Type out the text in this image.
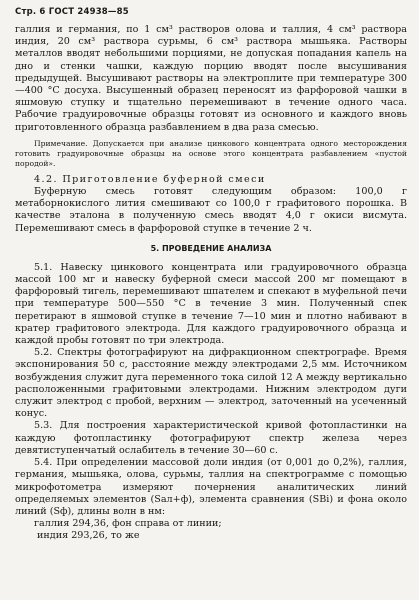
Стр. 6 ГОСТ 24938—85

галлия и германия, по 1 см³ растворов олова и таллия, 4 см³ раствора индия, 20 см³ раствора сурьмы, 6 см³ раствора мышьяка. Растворы металлов вводят небольшими порциями, не допуская попадания капель на дно и стенки чашки, каждую порцию вводят после высушивания предыдущей. Высушивают растворы на электроплите при температуре 300—400 °С досуха. Высушенный образец переносят из фарфоровой чашки в яшмовую ступку и тщательно перемешивают в течение одного часа. Рабочие градуировочные образцы готовят из основного и каждого вновь приготовленного образца разбавлением в два раза смесью.

Примечание. Допускается при анализе цинкового концентрата одного месторождения готовить градуировочные образцы на основе этого концентрата разбавлением «пустой породой».

4.2. Приготовление буферной смеси

Буферную смесь готовят следующим образом: 100,0 г метаборнокислого лития смешивают со 100,0 г графитового порошка. В качестве эталона в полученную смесь вводят 4,0 г окиси висмута. Перемешивают смесь в фарфоровой ступке в течение 2 ч.

5. ПРОВЕДЕНИЕ АНАЛИЗА

5.1. Навеску цинкового концентрата или градуировочного образца массой 100 мг и навеску буферной смеси массой 200 мг помещают в фарфоровый тигель, перемешивают шпателем и спекают в муфельной печи при температуре 500—550 °С в течение 3 мин. Полученный спек перетирают в яшмовой ступке в течение 7—10 мин и плотно набивают в кратер графитового электрода. Для каждого градуировочного образца и каждой пробы готовят по три электрода.

5.2. Спектры фотографируют на дифракционном спектрографе. Время экспонирования 50 с, расстояние между электродами 2,5 мм. Источником возбуждения служит дуга переменного тока силой 12 А между вертикально расположенными графитовыми электродами. Нижним электродом дуги служит электрод с пробой, верхним — электрод, заточенный на усеченный конус.

5.3. Для построения характеристической кривой фотопластинки на каждую фотопластинку фотографируют спектр железа через девятиступенчатый ослабитель в течение 30—60 с.

5.4. При определении массовой доли индия (от 0,001 до 0,2%), галлия, германия, мышьяка, олова, сурьмы, таллия на спектрограмме с помощью микрофотометра измеряют почернения аналитических линий определяемых элементов (Sал+ф), элемента сравнения (SBi) и фона около линий (Sф), длины волн в нм:

галлия 294,36, фон справа от линии;

индия 293,26, то же
